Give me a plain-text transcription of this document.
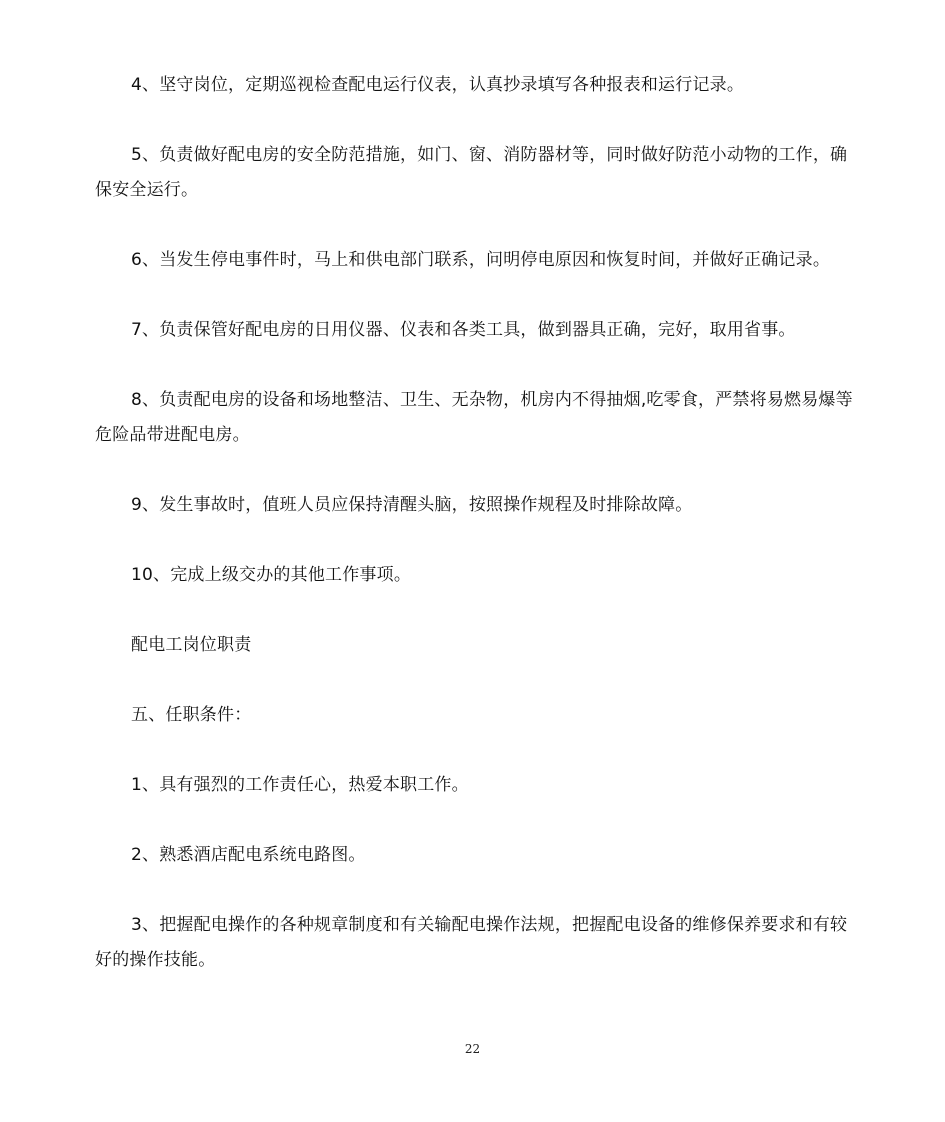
4、坚守岗位，定期巡视检查配电运行仪表，认真抄录填写各种报表和运行记录。

5、负责做好配电房的安全防范措施，如门、窗、消防器材等，同时做好防范小动物的工作，确保安全运行。

6、当发生停电事件时，马上和供电部门联系，问明停电原因和恢复时间，并做好正确记录。

7、负责保管好配电房的日用仪器、仪表和各类工具，做到器具正确，完好，取用省事。

8、负责配电房的设备和场地整洁、卫生、无杂物，机房内不得抽烟,吃零食，严禁将易燃易爆等危险品带进配电房。

9、发生事故时，值班人员应保持清醒头脑，按照操作规程及时排除故障。

10、完成上级交办的其他工作事项。

配电工岗位职责

五、任职条件：

1、具有强烈的工作责任心，热爱本职工作。

2、熟悉酒店配电系统电路图。

3、把握配电操作的各种规章制度和有关输配电操作法规，把握配电设备的维修保养要求和有较好的操作技能。

22
